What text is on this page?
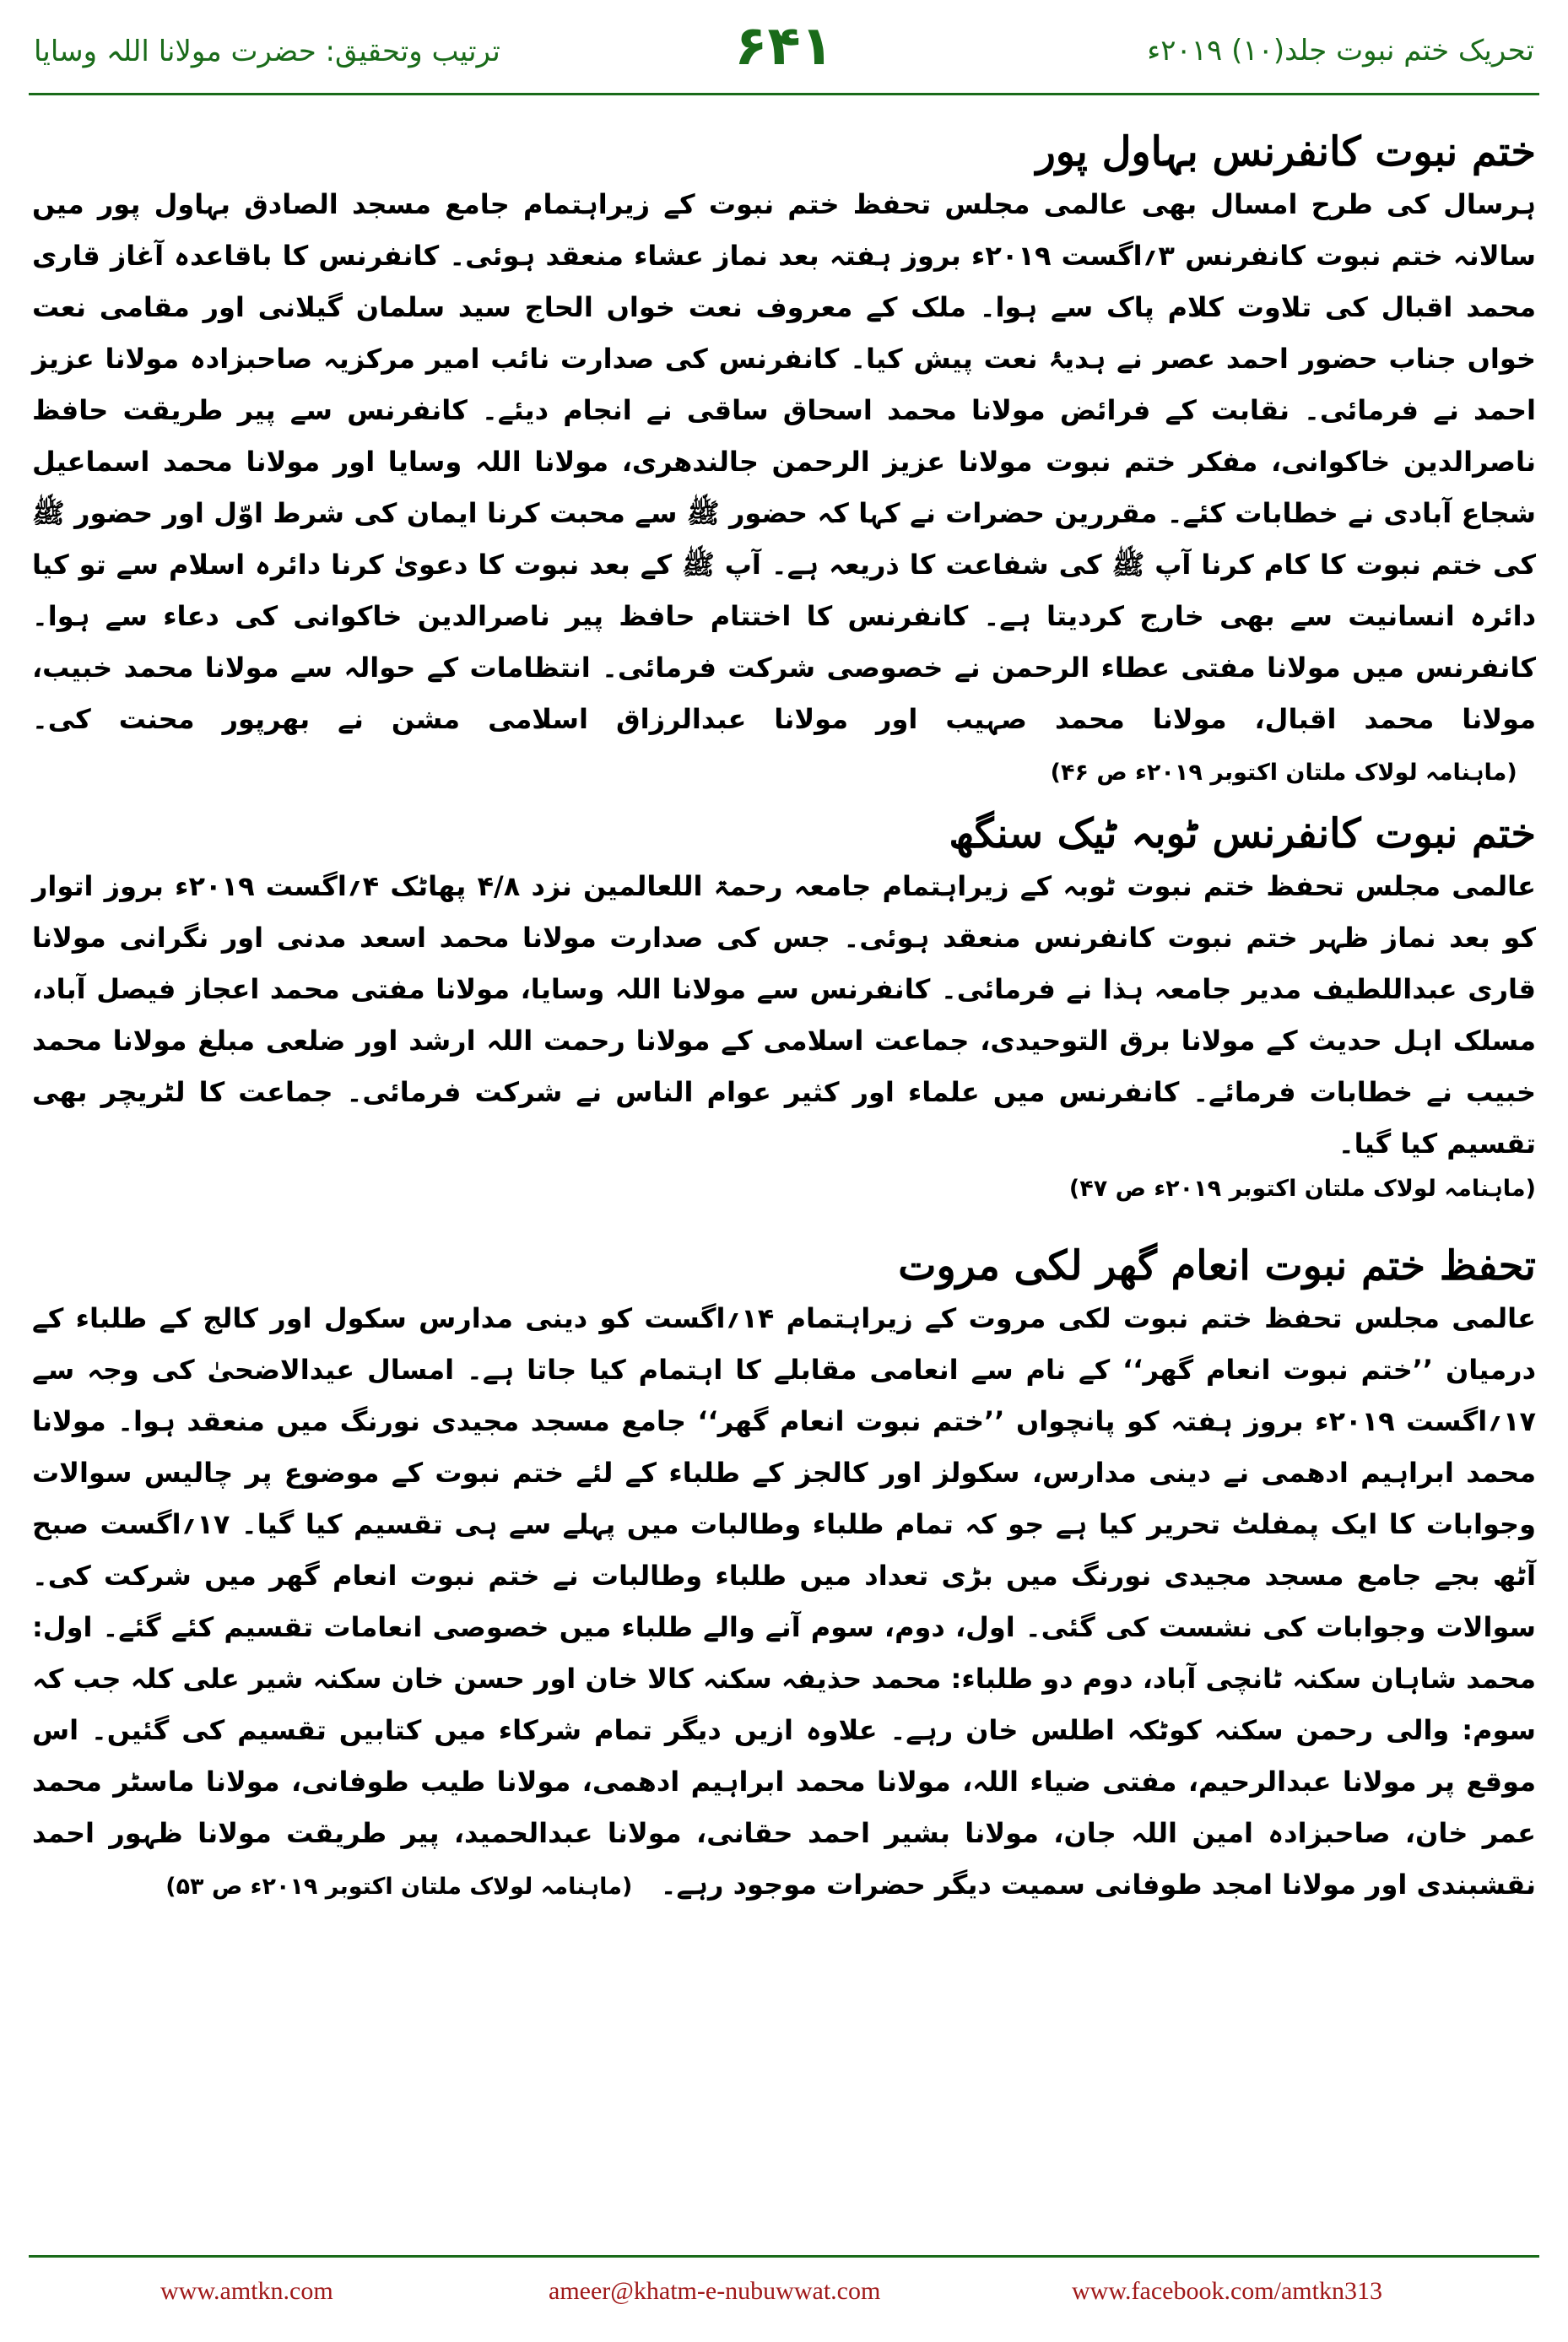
تحریک ختم نبوت جلد(۱۰) ۲۰۱۹ء
۶۴۱
ترتیب وتحقیق: حضرت مولانا اللہ وسایا
ختم نبوت کانفرنس بہاول پور

ہرسال کی طرح امسال بھی عالمی مجلس تحفظ ختم نبوت کے زیراہتمام جامع مسجد الصادق بہاول پور میں سالانہ ختم نبوت کانفرنس ۳؍اگست ۲۰۱۹ء بروز ہفتہ بعد نماز عشاء منعقد ہوئی۔ کانفرنس کا باقاعدہ آغاز قاری محمد اقبال کی تلاوت کلام پاک سے ہوا۔ ملک کے معروف نعت خواں الحاج سید سلمان گیلانی اور مقامی نعت خواں جناب حضور احمد عصر نے ہدیۂ نعت پیش کیا۔ کانفرنس کی صدارت نائب امیر مرکزیہ صاحبزادہ مولانا عزیز احمد نے فرمائی۔ نقابت کے فرائض مولانا محمد اسحاق ساقی نے انجام دیئے۔ کانفرنس سے پیر طریقت حافظ ناصرالدین خاکوانی، مفکر ختم نبوت مولانا عزیز الرحمن جالندھری، مولانا اللہ وسایا اور مولانا محمد اسماعیل شجاع آبادی نے خطابات کئے۔ مقررین حضرات نے کہا کہ حضور ﷺ سے محبت کرنا ایمان کی شرط اوّل اور حضور ﷺ کی ختم نبوت کا کام کرنا آپ ﷺ کی شفاعت کا ذریعہ ہے۔ آپ ﷺ کے بعد نبوت کا دعویٰ کرنا دائرہ اسلام سے تو کیا دائرہ انسانیت سے بھی خارج کردیتا ہے۔ کانفرنس کا اختتام حافظ پیر ناصرالدین خاکوانی کی دعاء سے ہوا۔ کانفرنس میں مولانا مفتی عطاء الرحمن نے خصوصی شرکت فرمائی۔ انتظامات کے حوالہ سے مولانا محمد خبیب، مولانا محمد اقبال، مولانا محمد صہیب اور مولانا عبدالرزاق اسلامی مشن نے بھرپور محنت کی۔   (ماہنامہ لولاک ملتان اکتوبر ۲۰۱۹ء ص ۴۶)

ختم نبوت کانفرنس ٹوبہ ٹیک سنگھ

عالمی مجلس تحفظ ختم نبوت ٹوبہ کے زیراہتمام جامعہ رحمۃ اللعالمین نزد ۴/۸ پھاٹک ۴؍اگست ۲۰۱۹ء بروز اتوار کو بعد نماز ظہر ختم نبوت کانفرنس منعقد ہوئی۔ جس کی صدارت مولانا محمد اسعد مدنی اور نگرانی مولانا قاری عبداللطیف مدیر جامعہ ہذا نے فرمائی۔ کانفرنس سے مولانا اللہ وسایا، مولانا مفتی محمد اعجاز فیصل آباد، مسلک اہل حدیث کے مولانا برق التوحیدی، جماعت اسلامی کے مولانا رحمت اللہ ارشد اور ضلعی مبلغ مولانا محمد خبیب نے خطابات فرمائے۔ کانفرنس میں علماء اور کثیر عوام الناس نے شرکت فرمائی۔ جماعت کا لٹریچر بھی تقسیم کیا گیا۔

(ماہنامہ لولاک ملتان اکتوبر ۲۰۱۹ء ص ۴۷)
تحفظ ختم نبوت انعام گھر لکی مروت

عالمی مجلس تحفظ ختم نبوت لکی مروت کے زیراہتمام ۱۴؍اگست کو دینی مدارس سکول اور کالج کے طلباء کے درمیان ’’ختم نبوت انعام گھر‘‘ کے نام سے انعامی مقابلے کا اہتمام کیا جاتا ہے۔ امسال عیدالاضحیٰ کی وجہ سے ۱۷؍اگست ۲۰۱۹ء بروز ہفتہ کو پانچواں ’’ختم نبوت انعام گھر‘‘ جامع مسجد مجیدی نورنگ میں منعقد ہوا۔ مولانا محمد ابراہیم ادھمی نے دینی مدارس، سکولز اور کالجز کے طلباء کے لئے ختم نبوت کے موضوع پر چالیس سوالات وجوابات کا ایک پمفلٹ تحریر کیا ہے جو کہ تمام طلباء وطالبات میں پہلے سے ہی تقسیم کیا گیا۔ ۱۷؍اگست صبح آٹھ بجے جامع مسجد مجیدی نورنگ میں بڑی تعداد میں طلباء وطالبات نے ختم نبوت انعام گھر میں شرکت کی۔ سوالات وجوابات کی نشست کی گئی۔ اول، دوم، سوم آنے والے طلباء میں خصوصی انعامات تقسیم کئے گئے۔ اول: محمد شاہان سکنہ ٹانچی آباد، دوم دو طلباء: محمد حذیفہ سکنہ کالا خان اور حسن خان سکنہ شیر علی کلہ جب کہ سوم: والی رحمن سکنہ کوٹکہ اطلس خان رہے۔ علاوہ ازیں دیگر تمام شرکاء میں کتابیں تقسیم کی گئیں۔ اس موقع پر مولانا عبدالرحیم، مفتی ضیاء اللہ، مولانا محمد ابراہیم ادھمی، مولانا طیب طوفانی، مولانا ماسٹر محمد عمر خان، صاحبزادہ امین اللہ جان، مولانا بشیر احمد حقانی، مولانا عبدالحمید، پیر طریقت مولانا ظہور احمد نقشبندی اور مولانا امجد طوفانی سمیت دیگر حضرات موجود رہے۔   (ماہنامہ لولاک ملتان اکتوبر ۲۰۱۹ء ص ۵۳)

www.amtkn.com	ameer@khatm-e-nubuwwat.com	www.facebook.com/amtkn313
